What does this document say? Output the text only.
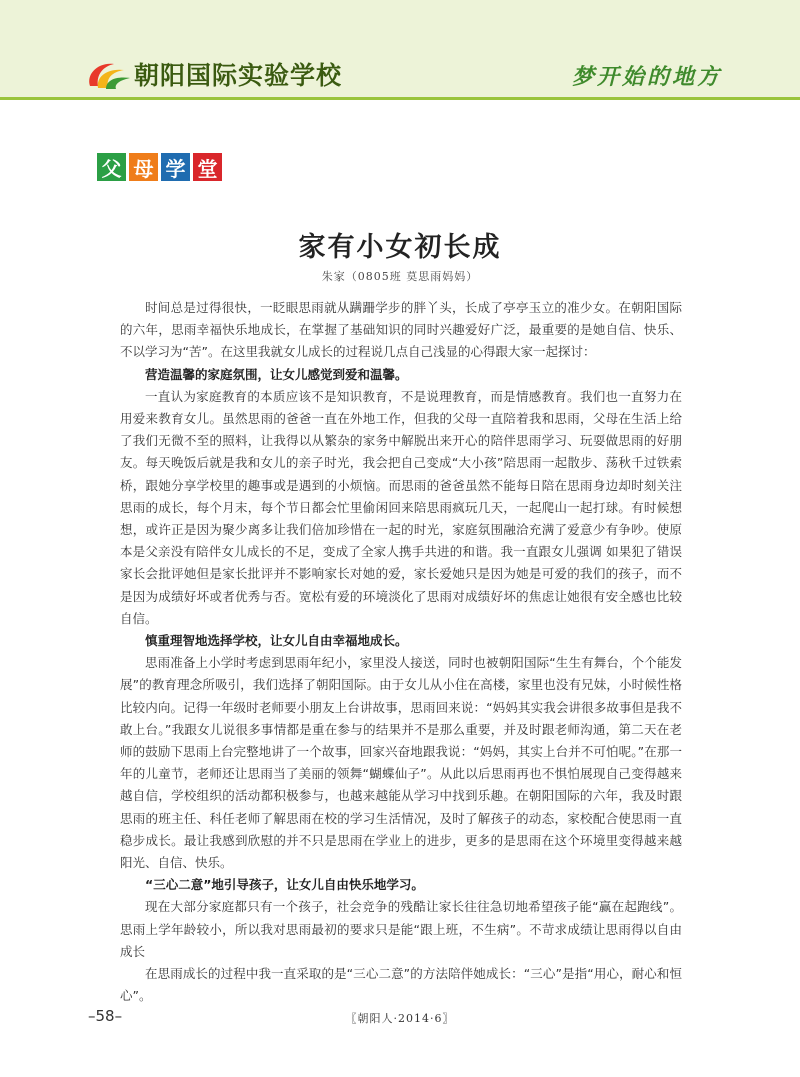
朝阳国际实验学校	梦开始的地方
父 母 学 堂
家有小女初长成
朱家（0805班 莫思雨妈妈）

时间总是过得很快，一眨眼思雨就从蹒跚学步的胖丫头，长成了亭亭玉立的准少女。在朝阳国际的六年，思雨幸福快乐地成长，在掌握了基础知识的同时兴趣爱好广泛，最重要的是她自信、快乐、不以学习为“苦”。在这里我就女儿成长的过程说几点自己浅显的心得跟大家一起探讨：

营造温馨的家庭氛围，让女儿感觉到爱和温馨。

一直认为家庭教育的本质应该不是知识教育，不是说理教育，而是情感教育。我们也一直努力在用爱来教育女儿。虽然思雨的爸爸一直在外地工作，但我的父母一直陪着我和思雨，父母在生活上给了我们无微不至的照料，让我得以从繁杂的家务中解脱出来开心的陪伴思雨学习、玩耍做思雨的好朋友。每天晚饭后就是我和女儿的亲子时光，我会把自己变成“大小孩”陪思雨一起散步、荡秋千过铁索桥，跟她分享学校里的趣事或是遇到的小烦恼。而思雨的爸爸虽然不能每日陪在思雨身边却时刻关注思雨的成长，每个月末，每个节日都会忙里偷闲回来陪思雨疯玩几天，一起爬山一起打球。有时候想想，或许正是因为聚少离多让我们倍加珍惜在一起的时光，家庭氛围融洽充满了爱意少有争吵。使原本是父亲没有陪伴女儿成长的不足，变成了全家人携手共进的和谐。我一直跟女儿强调 如果犯了错误家长会批评她但是家长批评并不影响家长对她的爱，家长爱她只是因为她是可爱的我们的孩子，而不是因为成绩好坏或者优秀与否。宽松有爱的环境淡化了思雨对成绩好坏的焦虑让她很有安全感也比较自信。

慎重理智地选择学校，让女儿自由幸福地成长。

思雨准备上小学时考虑到思雨年纪小，家里没人接送，同时也被朝阳国际“生生有舞台，个个能发展”的教育理念所吸引，我们选择了朝阳国际。由于女儿从小住在高楼，家里也没有兄妹，小时候性格比较内向。记得一年级时老师要小朋友上台讲故事，思雨回来说：“妈妈其实我会讲很多故事但是我不敢上台。”我跟女儿说很多事情都是重在参与的结果并不是那么重要，并及时跟老师沟通，第二天在老师的鼓励下思雨上台完整地讲了一个故事，回家兴奋地跟我说：“妈妈，其实上台并不可怕呢。”在那一年的儿童节，老师还让思雨当了美丽的领舞“蝴蝶仙子”。从此以后思雨再也不惧怕展现自己变得越来越自信，学校组织的活动都积极参与，也越来越能从学习中找到乐趣。在朝阳国际的六年，我及时跟思雨的班主任、科任老师了解思雨在校的学习生活情况，及时了解孩子的动态，家校配合使思雨一直稳步成长。最让我感到欣慰的并不只是思雨在学业上的进步，更多的是思雨在这个环境里变得越来越阳光、自信、快乐。

“三心二意”地引导孩子，让女儿自由快乐地学习。

现在大部分家庭都只有一个孩子，社会竞争的残酷让家长往往急切地希望孩子能“赢在起跑线”。思雨上学年龄较小，所以我对思雨最初的要求只是能“跟上班，不生病”。不苛求成绩让思雨得以自由成长

在思雨成长的过程中我一直采取的是“三心二意”的方法陪伴她成长：“三心”是指“用心，耐心和恒心”。

–58–	〖朝阳人·2014·6〗
